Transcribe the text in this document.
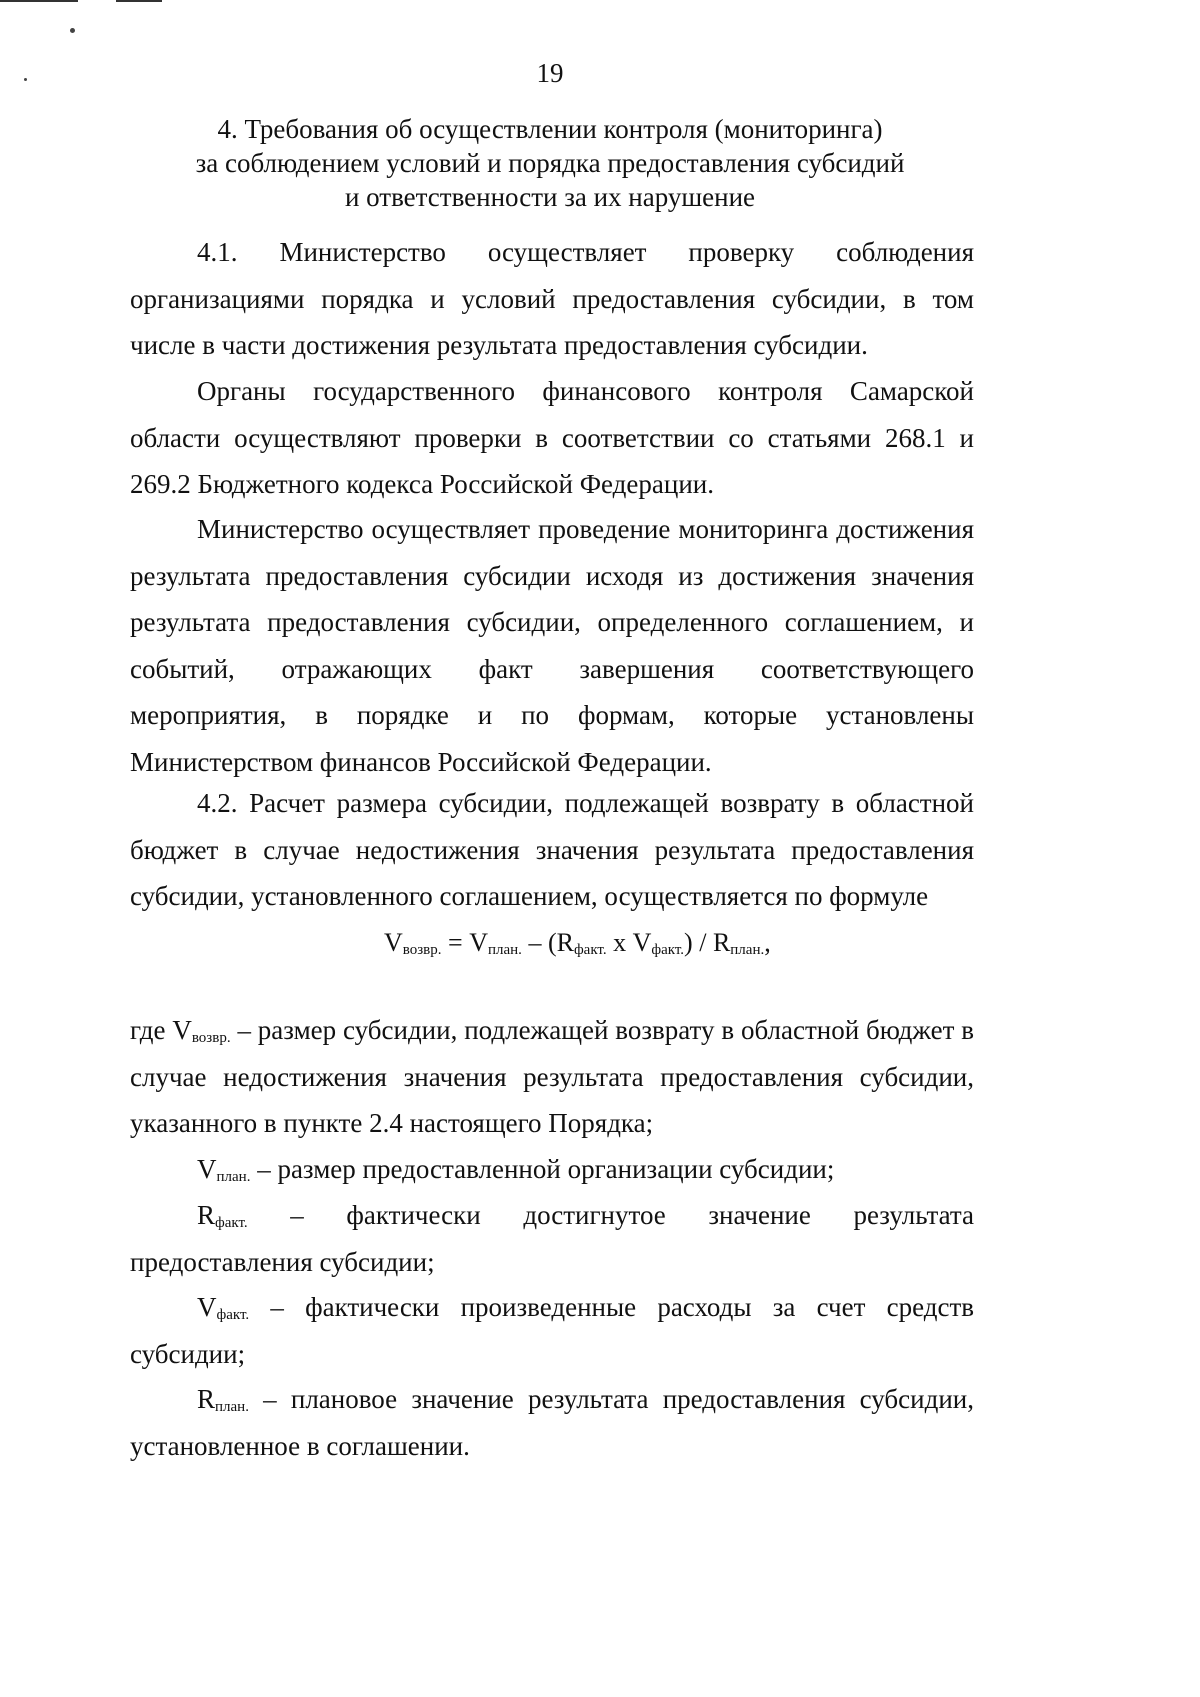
19
4. Требования об осуществлении контроля (мониторинга)
за соблюдением условий и порядка предоставления субсидий
и ответственности за их нарушение

4.1. Министерство осуществляет проверку соблюдения организациями порядка и условий предоставления субсидии, в том числе в части достижения результата предоставления субсидии.

Органы государственного финансового контроля Самарской области осуществляют проверки в соответствии со статьями 268.1 и 269.2 Бюджетного кодекса Российской Федерации.

Министерство осуществляет проведение мониторинга достижения результата предоставления субсидии исходя из достижения значения результата предоставления субсидии, определенного соглашением, и событий, отражающих факт завершения соответствующего мероприятия, в порядке и по формам, которые установлены Министерством финансов Российской Федерации.

4.2. Расчет размера субсидии, подлежащей возврату в областной бюджет в случае недостижения значения результата предоставления субсидии, установленного соглашением, осуществляется по формуле

$V_{возвр.} = V_{план.} - (R_{факт.}$ х $V_{факт.}) / R_{план.}$,

где $V_{возвр.}$ – размер субсидии, подлежащей возврату в областной бюджет в случае недостижения значения результата предоставления субсидии, указанного в пункте 2.4 настоящего Порядка;

$V_{план.}$ – размер предоставленной организации субсидии;

$R_{факт.}$ – фактически достигнутое значение результата предоставления субсидии;

$V_{факт.}$ – фактически произведенные расходы за счет средств субсидии;

$R_{план.}$ – плановое значение результата предоставления субсидии, установленное в соглашении.
